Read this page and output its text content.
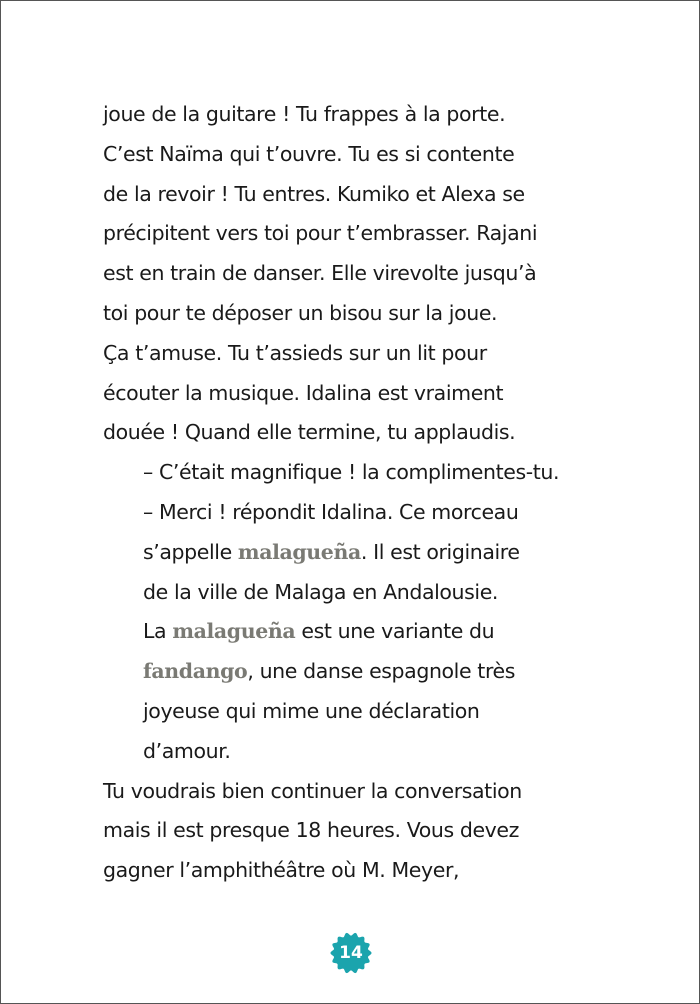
joue de la guitare ! Tu frappes à la porte.
C’est Naïma qui t’ouvre. Tu es si contente
de la revoir ! Tu entres. Kumiko et Alexa se
précipitent vers toi pour t’embrasser. Rajani
est en train de danser. Elle virevolte jusqu’à
toi pour te déposer un bisou sur la joue.
Ça t’amuse. Tu t’assieds sur un lit pour
écouter la musique. Idalina est vraiment
douée ! Quand elle termine, tu applaudis.
– C’était magnifique ! la complimentes-tu.
– Merci ! répondit Idalina. Ce morceau
s’appelle malagueña. Il est originaire
de la ville de Malaga en Andalousie.
La malagueña est une variante du
fandango, une danse espagnole très
joyeuse qui mime une déclaration
d’amour.
Tu voudrais bien continuer la conversation
mais il est presque 18 heures. Vous devez
gagner l’amphithéâtre où M. Meyer,
14
